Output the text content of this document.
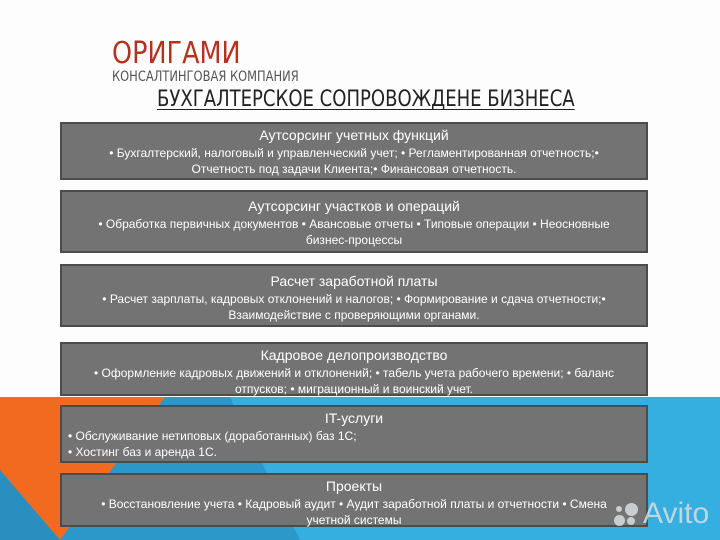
ОРИГАМИ
КОНСАЛТИНГОВАЯ КОМПАНИЯ
БУХГАЛТЕРСКОЕ СОПРОВОЖДЕНЕ БИЗНЕСА
Аутсорсинг учетных функций

• Бухгалтерский, налоговый и управленческий учет; • Регламентированная отчетность;•

Отчетность под задачи Клиента;• Финансовая отчетность.

Аутсорсинг участков и операций

• Обработка первичных документов • Авансовые отчеты • Типовые операции • Неосновные

бизнес-процессы

Расчет заработной платы

• Расчет зарплаты, кадровых отклонений и налогов; • Формирование и сдача отчетности;•

Взаимодействие с проверяющими органами.

Кадровое делопроизводство

• Оформление кадровых движений и отклонений; • табель учета рабочего времени; • баланс

отпусков; • миграционный и воинский учет.

IT-услуги

• Обслуживание нетиповых (доработанных) баз 1С;

• Хостинг баз и аренда 1С.

Проекты

• Восстановление учета • Кадровый аудит • Аудит заработной платы и отчетности • Смена

учетной системы	Avito
